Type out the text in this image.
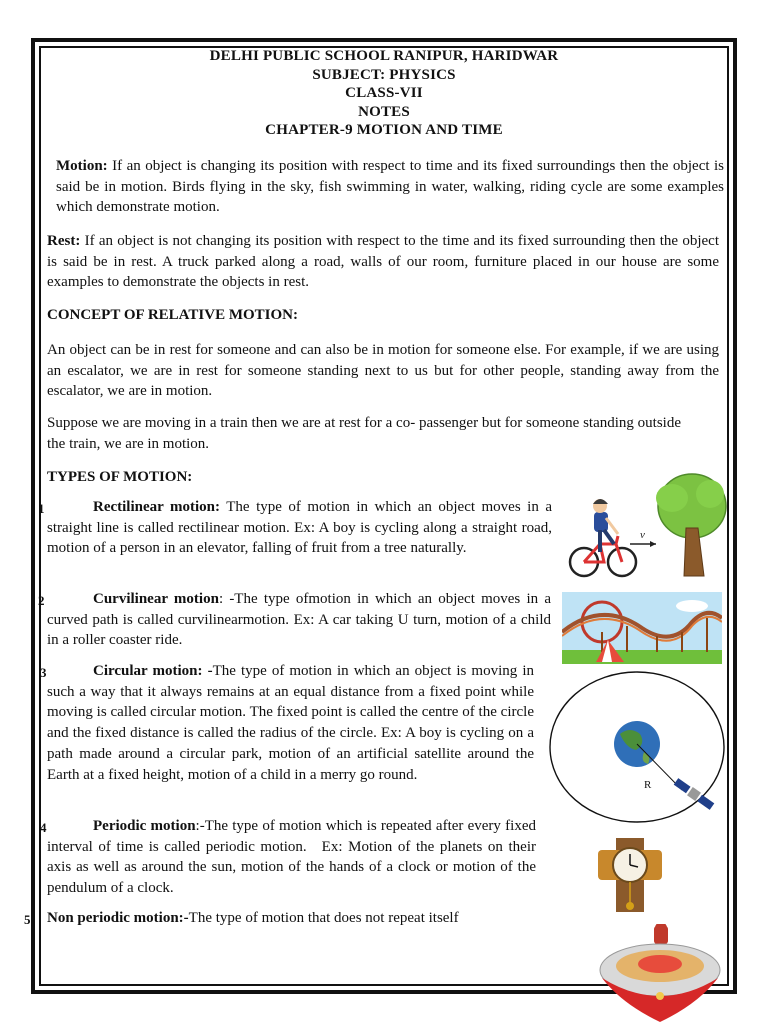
DELHI PUBLIC SCHOOL RANIPUR, HARIDWAR
SUBJECT: PHYSICS
CLASS-VII
NOTES
CHAPTER-9 MOTION AND TIME
Motion: If an object is changing its position with respect to time and its fixed surroundings then the object is said be in motion. Birds flying in the sky, fish swimming in water, walking, riding cycle are some examples which demonstrate motion.
Rest: If an object is not changing its position with respect to the time and its fixed surrounding then the object is said be in rest. A truck parked along a road, walls of our room, furniture placed in our house are some examples to demonstrate the objects in rest.
CONCEPT OF RELATIVE MOTION:
An object can be in rest for someone and can also be in motion for someone else. For example, if we are using an escalator, we are in rest for someone standing next to us but for other people, standing away from the escalator, we are in motion.
Suppose we are moving in a train then we are at rest for a co- passenger but for someone standing outside the train, we are in motion.
TYPES OF MOTION:
1	Rectilinear motion: The type of motion in which an object moves in a straight line is called rectilinear motion. Ex: A boy is cycling along a straight road, motion of a person in an elevator, falling of fruit from a tree naturally.
2	Curvilinear motion: -The type ofmotion in which an object moves in a curved path is called curvilinearmotion. Ex: A car taking U turn, motion of a child in a roller coaster ride.
3	Circular motion: -The type of motion in which an object is moving in such a way that it always remains at an equal distance from a fixed point while moving is called circular motion. The fixed point is called the centre of the circle and the fixed distance is called the radius of the circle. Ex: A boy is cycling on a path made around a circular park, motion of an artificial satellite around the Earth at a fixed height, motion of a child in a merry go round.
4	Periodic motion:-The type of motion which is repeated after every fixed interval of time is called periodic motion. Ex: Motion of the planets on their axis as well as around the sun, motion of the hands of a clock or motion of the pendulum of a clock.
5 Non periodic motion:-The type of motion that does not repeat itself
v
R
